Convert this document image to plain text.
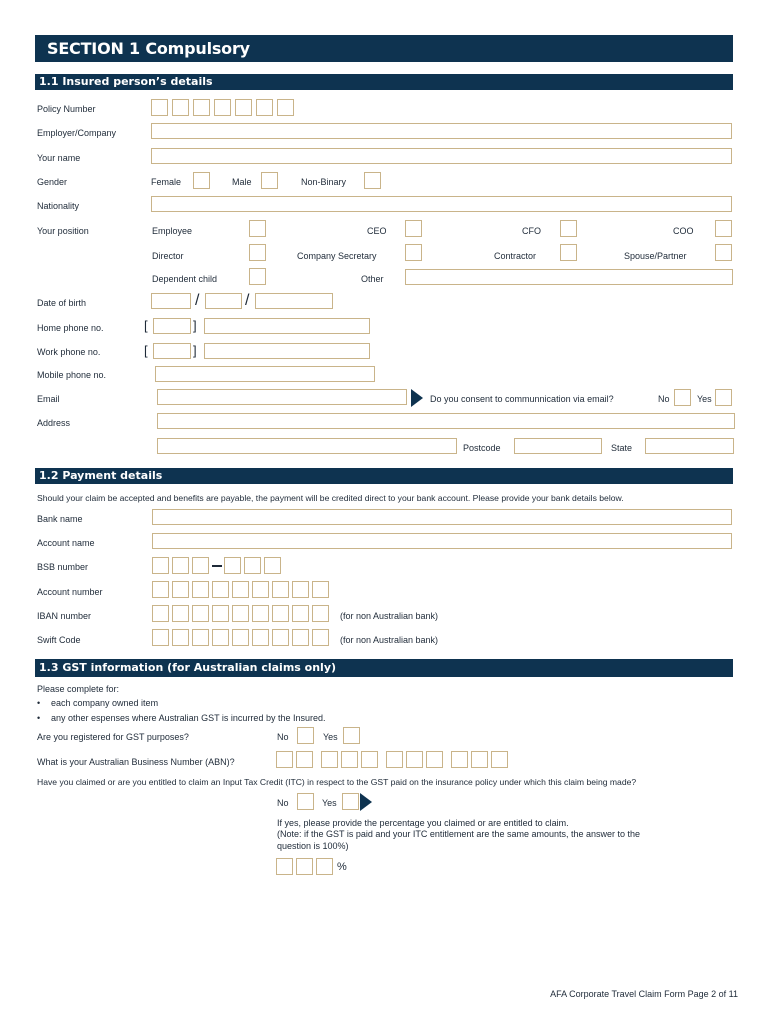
SECTION 1 Compulsory
1.1 Insured person’s details
Policy Number
Employer/Company
Your name
Gender	Female	Male	Non-Binary
Nationality
Your position	Employee	CEO	CFO	COO
Director	Company Secretary	Contractor	Spouse/Partner
Dependent child	Other
Date of birth	/	/
Home phone no.	[	]
Work phone no.	[	]
Mobile phone no.
Email	Do you consent to communnication via email?	No	Yes
Address
Postcode	State
1.2 Payment details
Should your claim be accepted and benefits are payable, the payment will be credited direct to your bank account. Please provide your bank details below.
Bank name
Account name
BSB number
Account number
IBAN number	(for non Australian bank)
Swift Code	(for non Australian bank)
1.3 GST information (for Australian claims only)
Please complete for:
• each company owned item
• any other espenses where Australian GST is incurred by the Insured.
Are you registered for GST purposes?	No	Yes
What is your Australian Business Number (ABN)?
Have you claimed or are you entitled to claim an Input Tax Credit (ITC) in respect to the GST paid on the insurance policy under which this claim being made?
No	Yes
If yes, please provide the percentage you claimed or are entitled to claim.
(Note: if the GST is paid and your ITC entitlement are the same amounts, the answer to the
question is 100%)
%
AFA Corporate Travel Claim Form Page 2 of 11
